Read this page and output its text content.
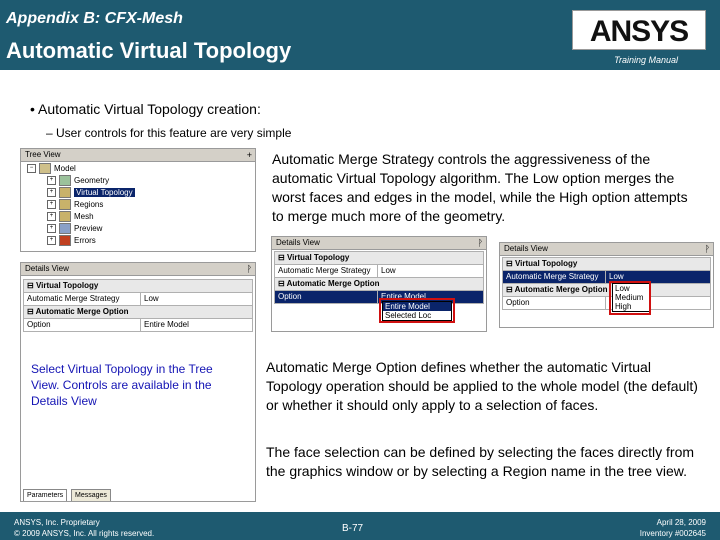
Appendix B: CFX-Mesh
Automatic Virtual Topology
ANSYS
Training Manual
• Automatic Virtual Topology creation:
– User controls for this feature are very simple
Tree View	+
−	Model
+	Geometry
+	Virtual Topology
+	Regions
+	Mesh
+	Preview
+	Errors
Details View	ᚹ
⊟ Virtual Topology	
Automatic Merge Strategy	Low
⊟ Automatic Merge Option	
Option	Entire Model
Select Virtual Topology in the Tree View. Controls are available in the Details View
Parameters	Messages
Automatic Merge Strategy controls the aggressiveness of the automatic Virtual Topology algorithm. The Low option merges the worst faces and edges in the model, while the High option attempts to merge much more of the geometry.
Details View	ᚹ
⊟ Virtual Topology	
Automatic Merge Strategy	Low
⊟ Automatic Merge Option	
Option	Entire Model
Entire Model
Selected Loc
Details View	ᚹ
⊟ Virtual Topology	
Automatic Merge Strategy	Low
⊟ Automatic Merge Option	
Option	
Low
Medium
High
Automatic Merge Option defines whether the automatic Virtual Topology operation should be applied to the whole model (the default) or whether it should only apply to a selection of faces.
The face selection can be defined by selecting the faces directly from the graphics window or by selecting a Region name in the tree view.
ANSYS, Inc. Proprietary
© 2009 ANSYS, Inc. All rights reserved.	B-77
April 28, 2009
Inventory #002645
